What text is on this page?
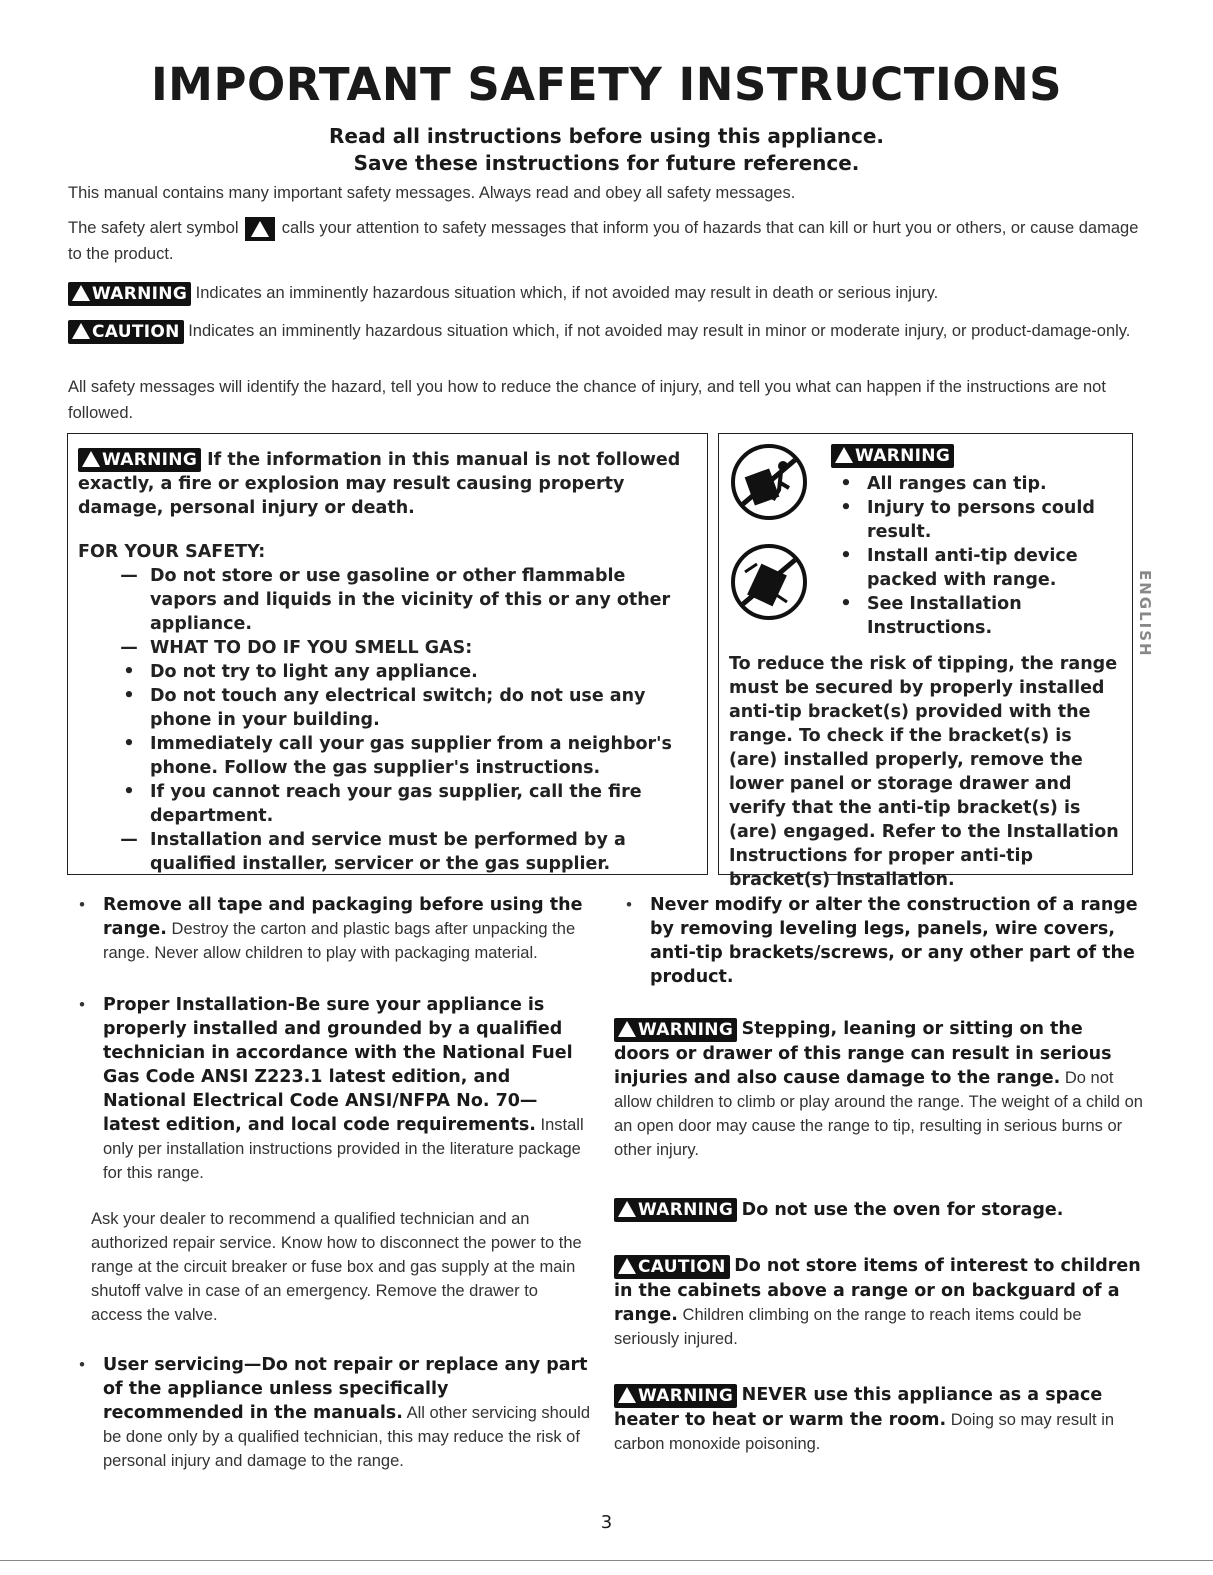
IMPORTANT SAFETY INSTRUCTIONS
Read all instructions before using this appliance.
Save these instructions for future reference.
This manual contains many important safety messages. Always read and obey all safety messages.
The safety alert symbol	calls your attention to safety messages that inform you of hazards that can kill or hurt you or others, or cause damage to the product.
WARNING Indicates an imminently hazardous situation which, if not avoided may result in death or serious injury.
CAUTION Indicates an imminently hazardous situation which, if not avoided may result in minor or moderate injury, or product-damage-only.
All safety messages will identify the hazard, tell you how to reduce the chance of injury, and tell you what can happen if the instructions are not followed.
WARNING If the information in this manual is not followed exactly, a fire or explosion may result causing property damage, personal injury or death.
FOR YOUR SAFETY:
— Do not store or use gasoline or other flammable vapors and liquids in the vicinity of this or any other appliance.
— WHAT TO DO IF YOU SMELL GAS:
• Do not try to light any appliance.
• Do not touch any electrical switch; do not use any phone in your building.
• Immediately call your gas supplier from a neighbor's phone. Follow the gas supplier's instructions.
• If you cannot reach your gas supplier, call the fire department.
— Installation and service must be performed by a qualified installer, servicer or the gas supplier.
WARNING
• All ranges can tip.
• Injury to persons could result.
• Install anti-tip device packed with range.
• See Installation Instructions.
To reduce the risk of tipping, the range must be secured by properly installed anti-tip bracket(s) provided with the range. To check if the bracket(s) is (are) installed properly, remove the lower panel or storage drawer and verify that the anti-tip bracket(s) is (are) engaged. Refer to the Installation Instructions for proper anti-tip bracket(s) installation.
ENGLISH
•	Remove all tape and packaging before using the range. Destroy the carton and plastic bags after unpacking the range. Never allow children to play with packaging material.
•	Proper Installation-Be sure your appliance is properly installed and grounded by a qualified technician in accordance with the National Fuel Gas Code ANSI Z223.1 latest edition, and National Electrical Code ANSI/NFPA No. 70—latest edition, and local code requirements. Install only per installation instructions provided in the literature package for this range.
Ask your dealer to recommend a qualified technician and an authorized repair service. Know how to disconnect the power to the range at the circuit breaker or fuse box and gas supply at the main shutoff valve in case of an emergency. Remove the drawer to access the valve.
•	User servicing—Do not repair or replace any part of the appliance unless specifically recommended in the manuals. All other servicing should be done only by a qualified technician, this may reduce the risk of personal injury and damage to the range.
•	Never modify or alter the construction of a range by removing leveling legs, panels, wire covers, anti-tip brackets/screws, or any other part of the product.
WARNING Stepping, leaning or sitting on the doors or drawer of this range can result in serious injuries and also cause damage to the range. Do not allow children to climb or play around the range. The weight of a child on an open door may cause the range to tip, resulting in serious burns or other injury.
WARNING Do not use the oven for storage.
CAUTION Do not store items of interest to children in the cabinets above a range or on backguard of a range. Children climbing on the range to reach items could be seriously injured.
WARNING NEVER use this appliance as a space heater to heat or warm the room. Doing so may result in carbon monoxide poisoning.
3
